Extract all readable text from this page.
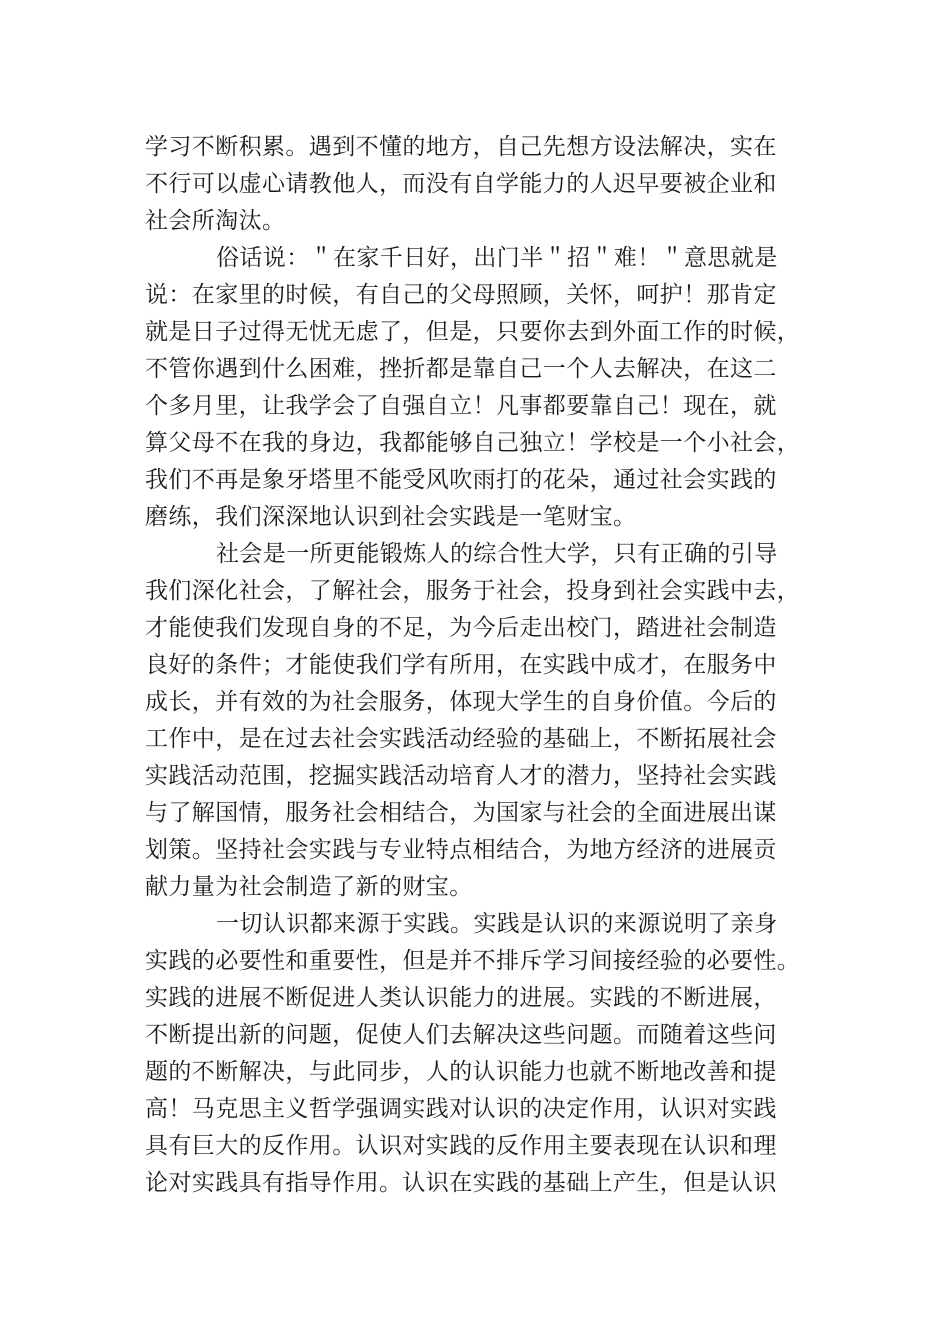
学习不断积累。遇到不懂的地方，自己先想方设法解决，实在
不行可以虚心请教他人，而没有自学能力的人迟早要被企业和
社会所淘汰。
俗话说：＂在家千日好，出门半＂招＂难！＂意思就是
说：在家里的时候，有自己的父母照顾，关怀，呵护！那肯定
就是日子过得无忧无虑了，但是，只要你去到外面工作的时候，
不管你遇到什么困难，挫折都是靠自己一个人去解决，在这二
个多月里，让我学会了自强自立！凡事都要靠自己！现在，就
算父母不在我的身边，我都能够自己独立！学校是一个小社会，
我们不再是象牙塔里不能受风吹雨打的花朵，通过社会实践的
磨练，我们深深地认识到社会实践是一笔财宝。
社会是一所更能锻炼人的综合性大学，只有正确的引导
我们深化社会，了解社会，服务于社会，投身到社会实践中去，
才能使我们发现自身的不足，为今后走出校门，踏进社会制造
良好的条件；才能使我们学有所用，在实践中成才，在服务中
成长，并有效的为社会服务，体现大学生的自身价值。今后的
工作中，是在过去社会实践活动经验的基础上，不断拓展社会
实践活动范围，挖掘实践活动培育人才的潜力，坚持社会实践
与了解国情，服务社会相结合，为国家与社会的全面进展出谋
划策。坚持社会实践与专业特点相结合，为地方经济的进展贡
献力量为社会制造了新的财宝。
一切认识都来源于实践。实践是认识的来源说明了亲身
实践的必要性和重要性，但是并不排斥学习间接经验的必要性。
实践的进展不断促进人类认识能力的进展。实践的不断进展，
不断提出新的问题，促使人们去解决这些问题。而随着这些问
题的不断解决，与此同步，人的认识能力也就不断地改善和提
高！马克思主义哲学强调实践对认识的决定作用，认识对实践
具有巨大的反作用。认识对实践的反作用主要表现在认识和理
论对实践具有指导作用。认识在实践的基础上产生，但是认识
